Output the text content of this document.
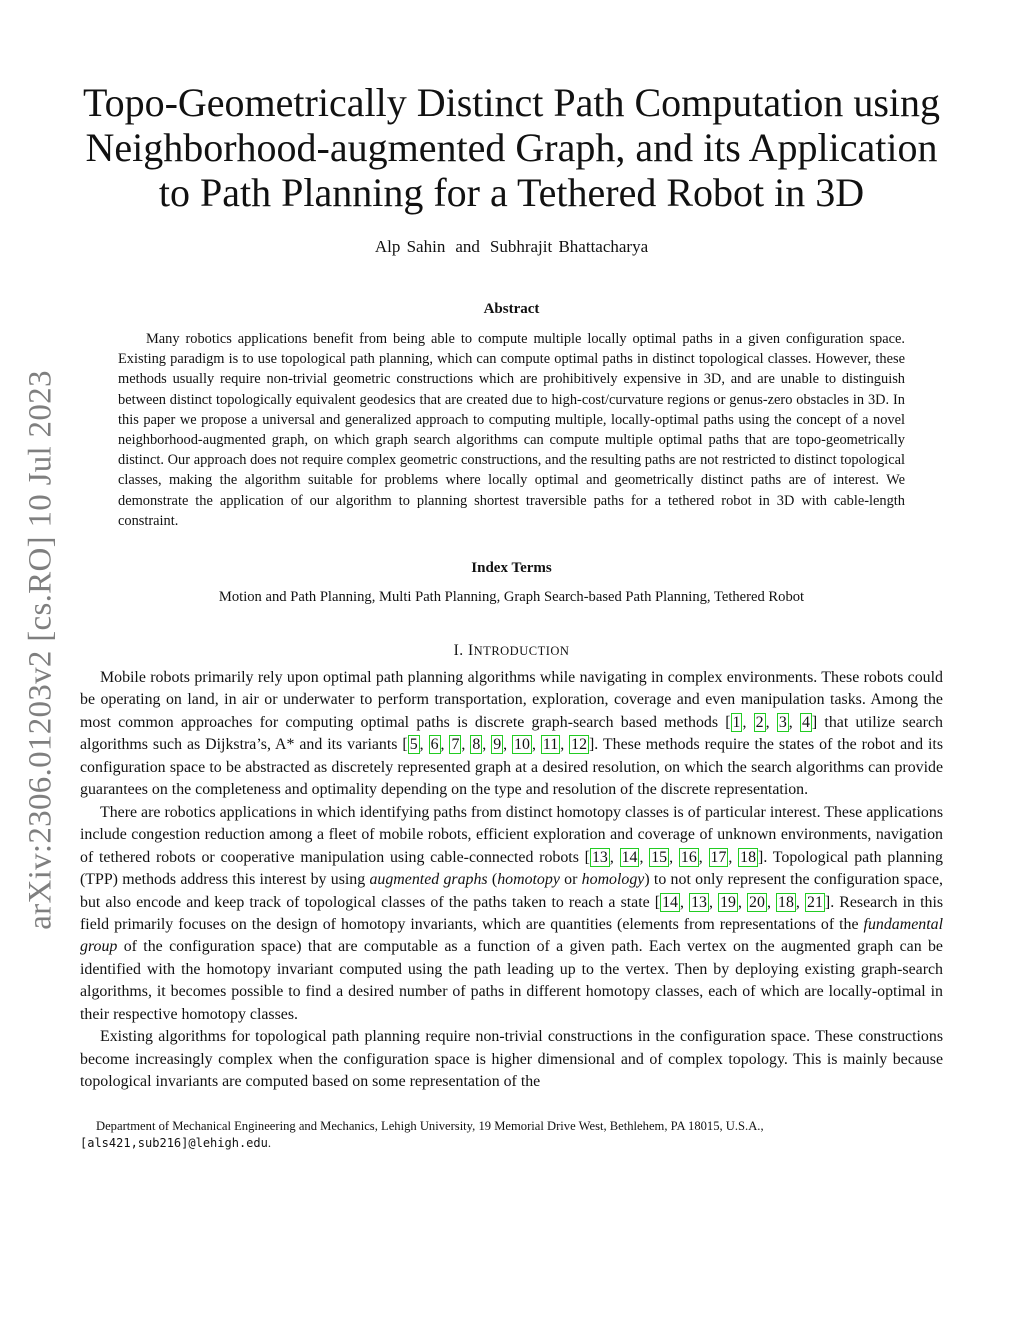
arXiv:2306.01203v2 [cs.RO] 10 Jul 2023
Topo-Geometrically Distinct Path Computation using Neighborhood-augmented Graph, and its Application to Path Planning for a Tethered Robot in 3D
Alp Sahin and Subhrajit Bhattacharya
Abstract
Many robotics applications benefit from being able to compute multiple locally optimal paths in a given configuration space. Existing paradigm is to use topological path planning, which can compute optimal paths in distinct topological classes. However, these methods usually require non-trivial geometric constructions which are prohibitively expensive in 3D, and are unable to distinguish between distinct topologically equivalent geodesics that are created due to high-cost/curvature regions or genus-zero obstacles in 3D. In this paper we propose a universal and generalized approach to computing multiple, locally-optimal paths using the concept of a novel neighborhood-augmented graph, on which graph search algorithms can compute multiple optimal paths that are topo-geometrically distinct. Our approach does not require complex geometric constructions, and the resulting paths are not restricted to distinct topological classes, making the algorithm suitable for problems where locally optimal and geometrically distinct paths are of interest. We demonstrate the application of our algorithm to planning shortest traversible paths for a tethered robot in 3D with cable-length constraint.
Index Terms
Motion and Path Planning, Multi Path Planning, Graph Search-based Path Planning, Tethered Robot
I. INTRODUCTION

Mobile robots primarily rely upon optimal path planning algorithms while navigating in complex environments. These robots could be operating on land, in air or underwater to perform transportation, exploration, coverage and even manipulation tasks. Among the most common approaches for computing optimal paths is discrete graph-search based methods [ 1 , 2 , 3 , 4 ] that utilize search algorithms such as Dijkstra’s, A* and its variants [ 5 , 6 , 7 , 8 , 9 , 10 , 11 , 12 ]. These methods require the states of the robot and its configuration space to be abstracted as discretely represented graph at a desired resolution, on which the search algorithms can provide guarantees on the completeness and optimality depending on the type and resolution of the discrete representation.

There are robotics applications in which identifying paths from distinct homotopy classes is of particular interest. These applications include congestion reduction among a fleet of mobile robots, efficient exploration and coverage of unknown environments, navigation of tethered robots or cooperative manipulation using cable-connected robots [ 13 , 14 , 15 , 16 , 17 , 18 ]. Topological path planning (TPP) methods address this interest by using augmented graphs (homotopy or homology) to not only represent the configuration space, but also encode and keep track of topological classes of the paths taken to reach a state [ 14 , 13 , 19 , 20 , 18 , 21 ]. Research in this field primarily focuses on the design of homotopy invariants, which are quantities (elements from representations of the fundamental group of the configuration space) that are computable as a function of a given path. Each vertex on the augmented graph can be identified with the homotopy invariant computed using the path leading up to the vertex. Then by deploying existing graph-search algorithms, it becomes possible to find a desired number of paths in different homotopy classes, each of which are locally-optimal in their respective homotopy classes.

Existing algorithms for topological path planning require non-trivial constructions in the configuration space. These constructions become increasingly complex when the configuration space is higher dimensional and of complex topology. This is mainly because topological invariants are computed based on some representation of the

Department of Mechanical Engineering and Mechanics, Lehigh University, 19 Memorial Drive West, Bethlehem, PA 18015, U.S.A.,
[als421,sub216]@lehigh.edu.
